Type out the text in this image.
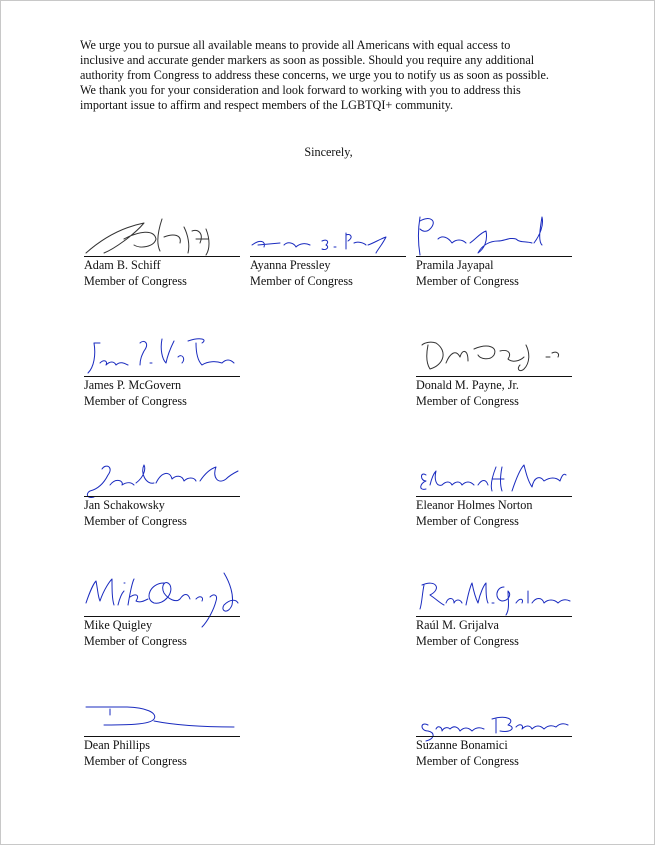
We urge you to pursue all available means to provide all Americans with equal access to
inclusive and accurate gender markers as soon as possible. Should you require any additional
authority from Congress to address these concerns, we urge you to notify us as soon as possible.
We thank you for your consideration and look forward to working with you to address this
important issue to affirm and respect members of the LGBTQI+ community.
Sincerely,
Adam B. Schiff
Member of Congress
Ayanna Pressley
Member of Congress
Pramila Jayapal
Member of Congress
James P. McGovern
Member of Congress
Donald M. Payne, Jr.
Member of Congress
Jan Schakowsky
Member of Congress
Eleanor Holmes Norton
Member of Congress
Mike Quigley
Member of Congress
Raúl M. Grijalva
Member of Congress
Dean Phillips
Member of Congress
Suzanne Bonamici
Member of Congress
